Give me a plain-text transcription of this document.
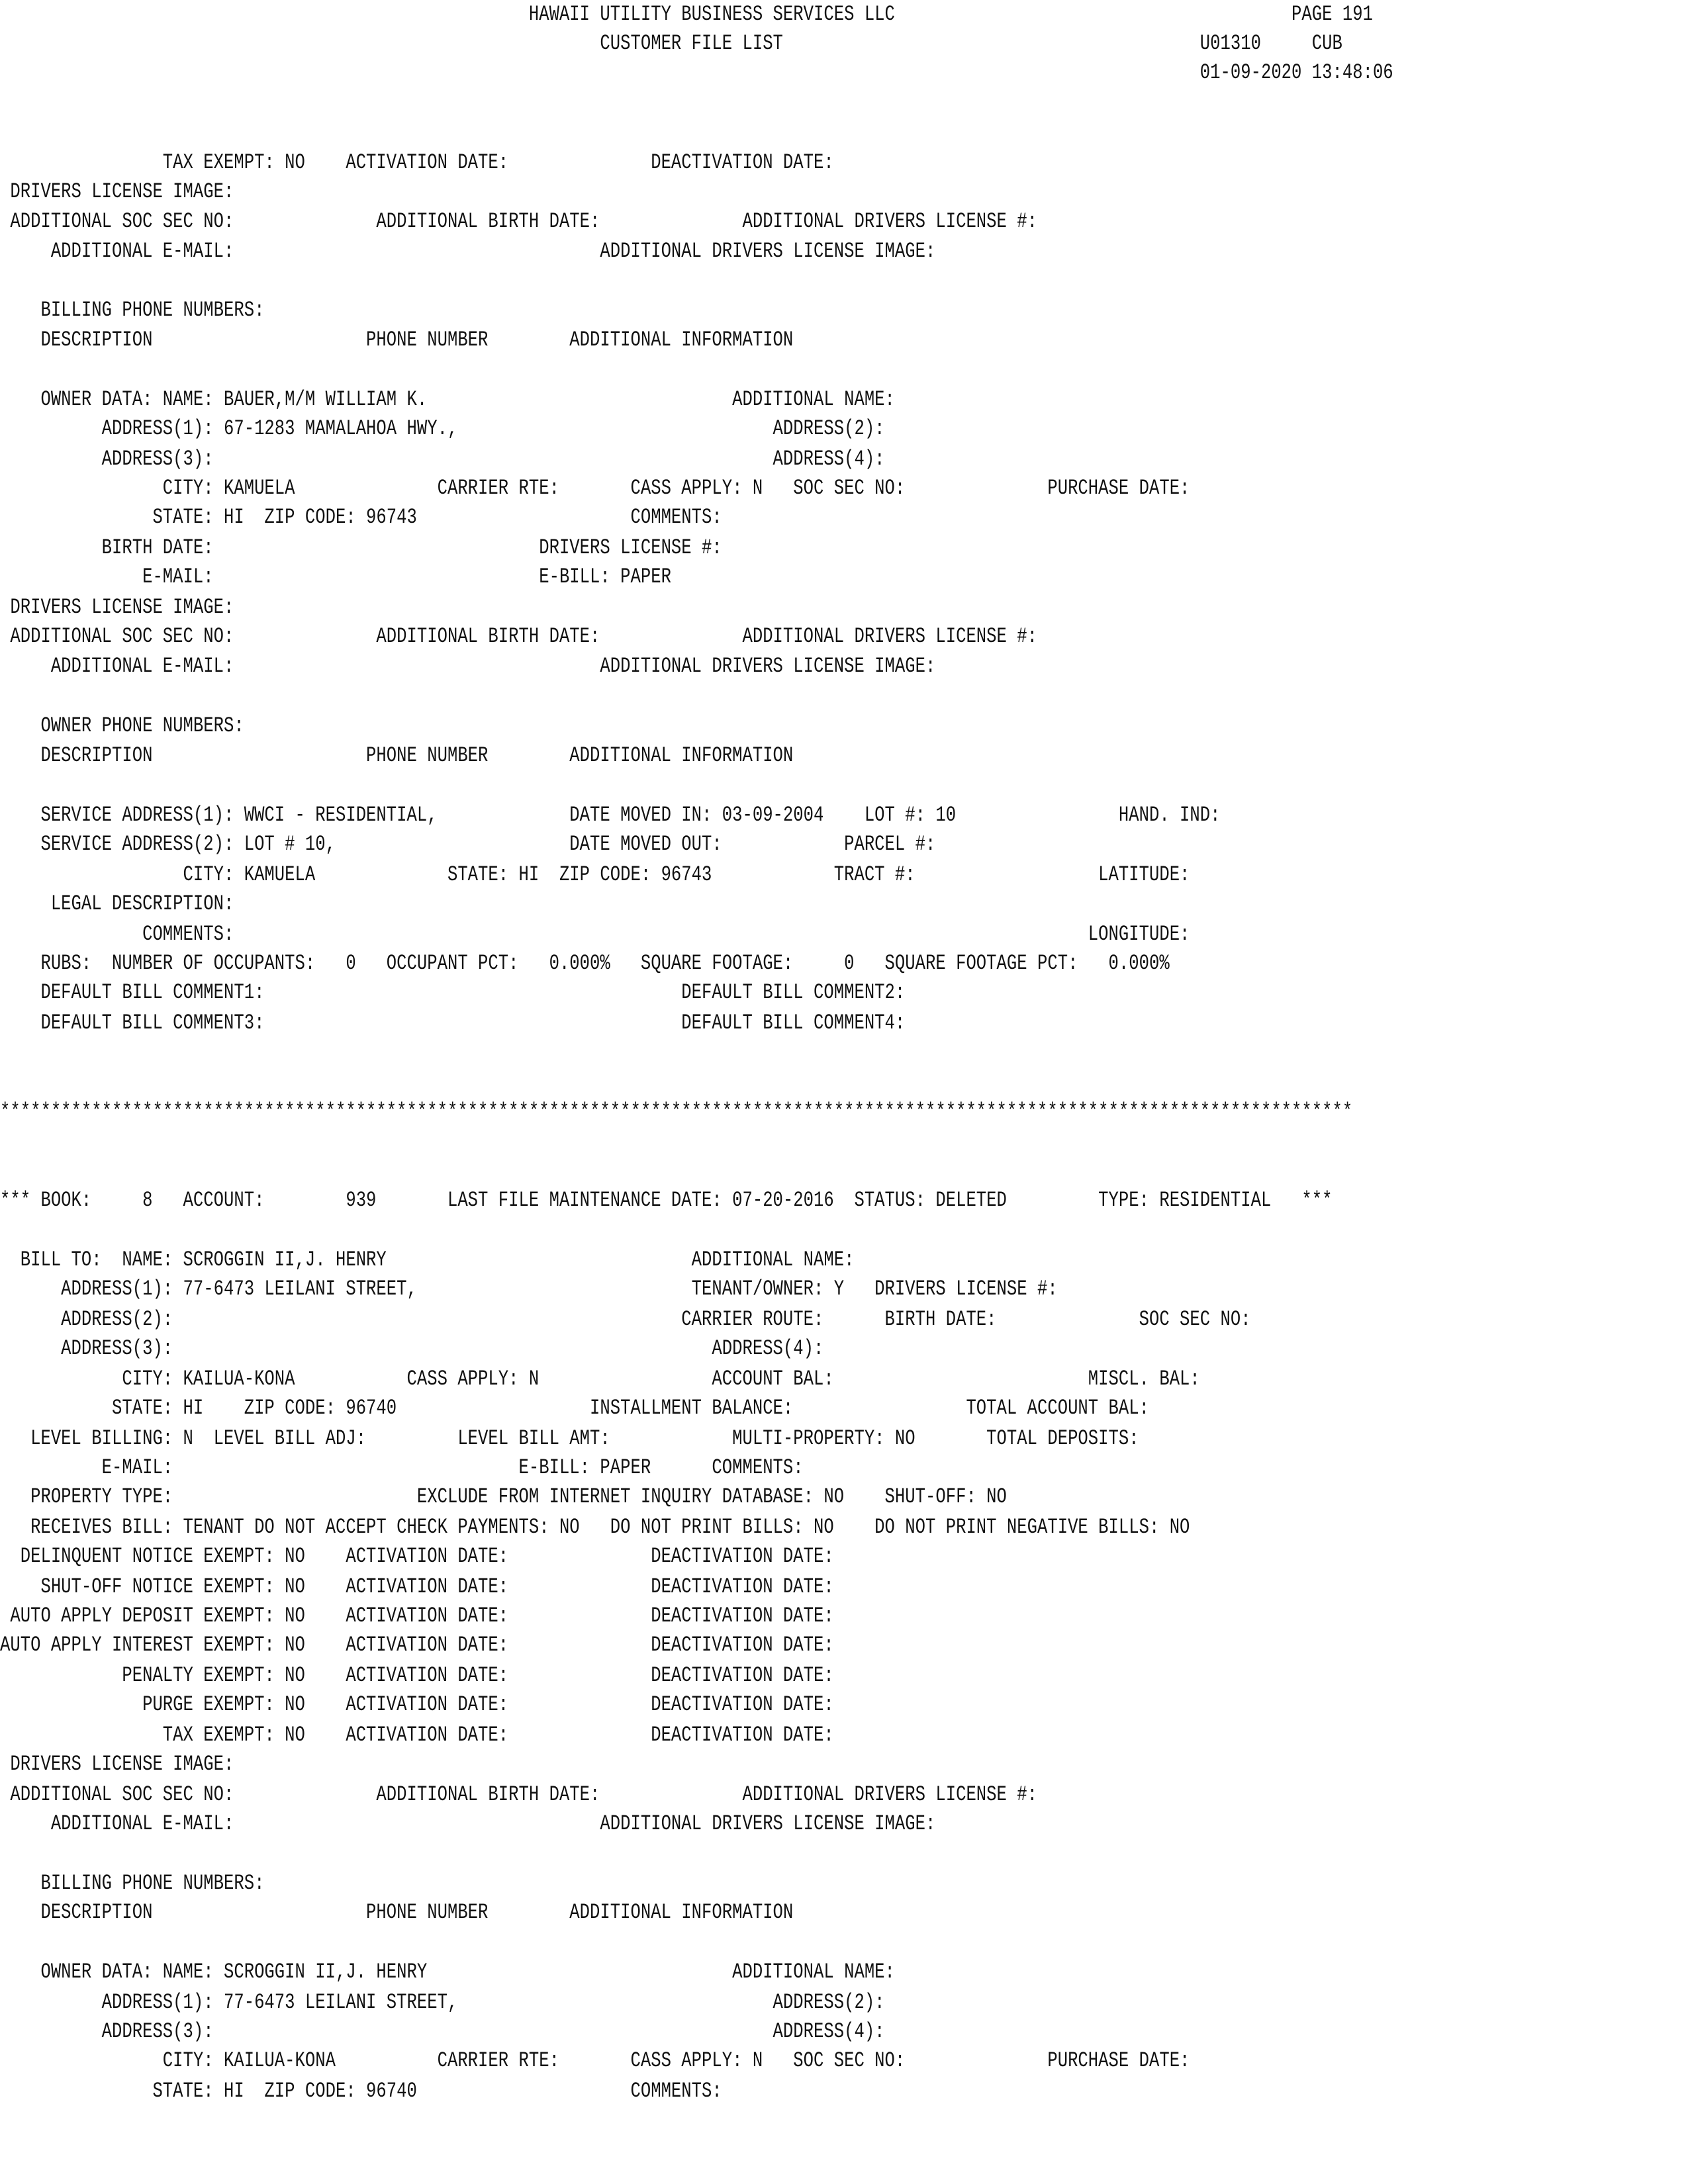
HAWAII UTILITY BUSINESS SERVICES LLC                                       PAGE 191
CUSTOMER FILE LIST                                         U01310     CUB
01-09-2020 13:48:06
TAX EXEMPT: NO    ACTIVATION DATE:              DEACTIVATION DATE:
DRIVERS LICENSE IMAGE:
ADDITIONAL SOC SEC NO:              ADDITIONAL BIRTH DATE:              ADDITIONAL DRIVERS LICENSE #:
ADDITIONAL E-MAIL:                                    ADDITIONAL DRIVERS LICENSE IMAGE:
BILLING PHONE NUMBERS:
DESCRIPTION                     PHONE NUMBER        ADDITIONAL INFORMATION
OWNER DATA: NAME: BAUER,M/M WILLIAM K.                              ADDITIONAL NAME:
ADDRESS(1): 67-1283 MAMALAHOA HWY.,                               ADDRESS(2):
ADDRESS(3):                                                       ADDRESS(4):
CITY: KAMUELA              CARRIER RTE:       CASS APPLY: N   SOC SEC NO:              PURCHASE DATE:
STATE: HI  ZIP CODE: 96743                     COMMENTS:
BIRTH DATE:                                DRIVERS LICENSE #:
E-MAIL:                                E-BILL: PAPER
DRIVERS LICENSE IMAGE:
ADDITIONAL SOC SEC NO:              ADDITIONAL BIRTH DATE:              ADDITIONAL DRIVERS LICENSE #:
ADDITIONAL E-MAIL:                                    ADDITIONAL DRIVERS LICENSE IMAGE:
OWNER PHONE NUMBERS:
DESCRIPTION                     PHONE NUMBER        ADDITIONAL INFORMATION
SERVICE ADDRESS(1): WWCI - RESIDENTIAL,             DATE MOVED IN: 03-09-2004    LOT #: 10                HAND. IND:
SERVICE ADDRESS(2): LOT # 10,                       DATE MOVED OUT:            PARCEL #:
CITY: KAMUELA             STATE: HI  ZIP CODE: 96743            TRACT #:                  LATITUDE:
LEGAL DESCRIPTION:
COMMENTS:                                                                                    LONGITUDE:
RUBS:  NUMBER OF OCCUPANTS:   0   OCCUPANT PCT:   0.000%   SQUARE FOOTAGE:     0   SQUARE FOOTAGE PCT:   0.000%
DEFAULT BILL COMMENT1:                                         DEFAULT BILL COMMENT2:
DEFAULT BILL COMMENT3:                                         DEFAULT BILL COMMENT4:
*************************************************************************************************************************************
*** BOOK:     8   ACCOUNT:        939       LAST FILE MAINTENANCE DATE: 07-20-2016  STATUS: DELETED         TYPE: RESIDENTIAL   ***
BILL TO:  NAME: SCROGGIN II,J. HENRY                              ADDITIONAL NAME:
ADDRESS(1): 77-6473 LEILANI STREET,                           TENANT/OWNER: Y   DRIVERS LICENSE #:
ADDRESS(2):                                                  CARRIER ROUTE:      BIRTH DATE:              SOC SEC NO:
ADDRESS(3):                                                     ADDRESS(4):
CITY: KAILUA-KONA           CASS APPLY: N                 ACCOUNT BAL:                         MISCL. BAL:
STATE: HI    ZIP CODE: 96740                   INSTALLMENT BALANCE:                 TOTAL ACCOUNT BAL:
LEVEL BILLING: N  LEVEL BILL ADJ:         LEVEL BILL AMT:            MULTI-PROPERTY: NO       TOTAL DEPOSITS:
E-MAIL:                                  E-BILL: PAPER      COMMENTS:
PROPERTY TYPE:                        EXCLUDE FROM INTERNET INQUIRY DATABASE: NO    SHUT-OFF: NO
RECEIVES BILL: TENANT DO NOT ACCEPT CHECK PAYMENTS: NO   DO NOT PRINT BILLS: NO    DO NOT PRINT NEGATIVE BILLS: NO
DELINQUENT NOTICE EXEMPT: NO    ACTIVATION DATE:              DEACTIVATION DATE:
SHUT-OFF NOTICE EXEMPT: NO    ACTIVATION DATE:              DEACTIVATION DATE:
AUTO APPLY DEPOSIT EXEMPT: NO    ACTIVATION DATE:              DEACTIVATION DATE:
AUTO APPLY INTEREST EXEMPT: NO    ACTIVATION DATE:              DEACTIVATION DATE:
PENALTY EXEMPT: NO    ACTIVATION DATE:              DEACTIVATION DATE:
PURGE EXEMPT: NO    ACTIVATION DATE:              DEACTIVATION DATE:
TAX EXEMPT: NO    ACTIVATION DATE:              DEACTIVATION DATE:
DRIVERS LICENSE IMAGE:
ADDITIONAL SOC SEC NO:              ADDITIONAL BIRTH DATE:              ADDITIONAL DRIVERS LICENSE #:
ADDITIONAL E-MAIL:                                    ADDITIONAL DRIVERS LICENSE IMAGE:
BILLING PHONE NUMBERS:
DESCRIPTION                     PHONE NUMBER        ADDITIONAL INFORMATION
OWNER DATA: NAME: SCROGGIN II,J. HENRY                              ADDITIONAL NAME:
ADDRESS(1): 77-6473 LEILANI STREET,                               ADDRESS(2):
ADDRESS(3):                                                       ADDRESS(4):
CITY: KAILUA-KONA          CARRIER RTE:       CASS APPLY: N   SOC SEC NO:              PURCHASE DATE:
STATE: HI  ZIP CODE: 96740                     COMMENTS:
